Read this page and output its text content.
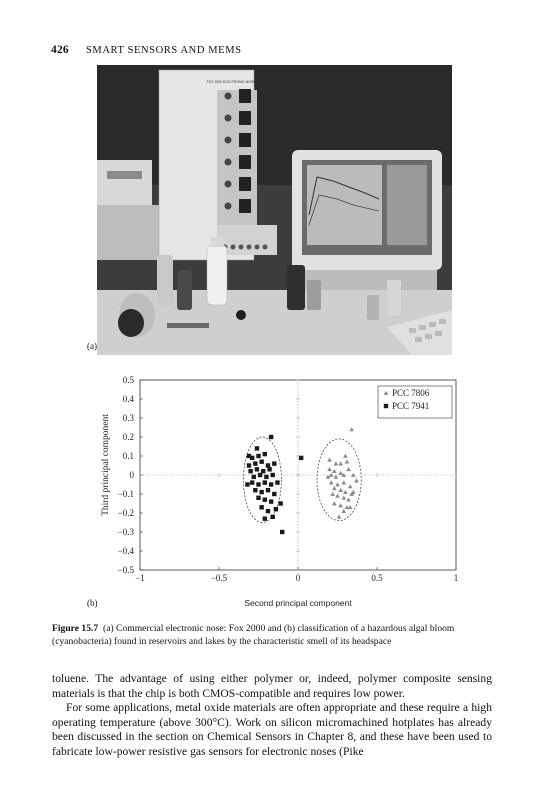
426 SMART SENSORS AND MEMS
FOX 2000 ELECTRONIC NOSE
(a)
0.5
0.4
0.3
0.2
0.1
0
−0.1
−0.2
−0.3
−0.4
−0.5
−1	−0.5	0	0.5	1
PCC 7806
PCC 7941
Second principal component
Third principal component
(b)
Figure 15.7 (a) Commercial electronic nose: Fox 2000 and (b) classification of a hazardous algal bloom (cyanobacteria) found in reservoirs and lakes by the characteristic smell of its headspace

toluene. The advantage of using either polymer or, indeed, polymer composite sensing materials is that the chip is both CMOS-compatible and requires low power.

For some applications, metal oxide materials are often appropriate and these require a high operating temperature (above 300°C). Work on silicon micromachined hotplates has already been discussed in the section on Chemical Sensors in Chapter 8, and these have been used to fabricate low-power resistive gas sensors for electronic noses (Pike
